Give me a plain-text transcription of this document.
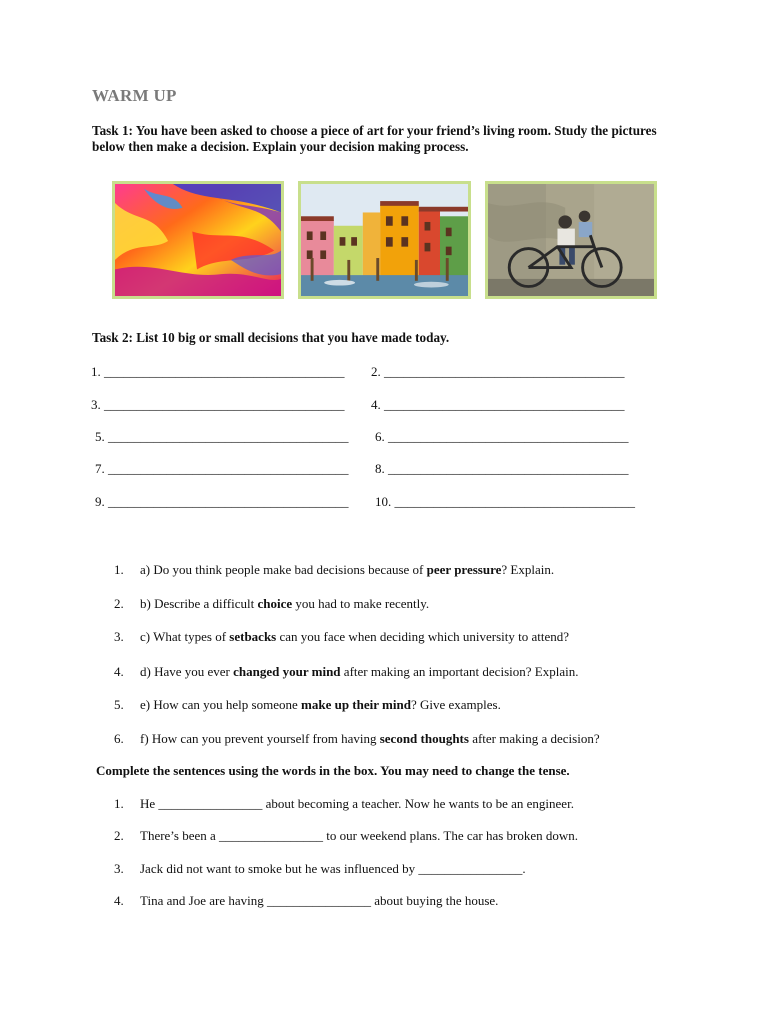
WARM UP
Task 1: You have been asked to choose a piece of art for your friend’s living room. Study the pictures below then make a decision. Explain your decision making process.
Task 2: List 10 big or small decisions that you have made today.
1. _____________________________________ 2. _____________________________________
3. _____________________________________ 4. _____________________________________
5. _____________________________________ 6. _____________________________________
7. _____________________________________ 8. _____________________________________
9. _____________________________________ 10. _____________________________________
1. a) Do you think people make bad decisions because of peer pressure? Explain.
2. b) Describe a difficult choice you had to make recently.
3. c) What types of setbacks can you face when deciding which university to attend?
4. d) Have you ever changed your mind after making an important decision? Explain.
5. e) How can you help someone make up their mind? Give examples.
6. f) How can you prevent yourself from having second thoughts after making a decision?
Complete the sentences using the words in the box. You may need to change the tense.
1. He ________________ about becoming a teacher. Now he wants to be an engineer.
2. There’s been a ________________ to our weekend plans. The car has broken down.
3. Jack did not want to smoke but he was influenced by ________________.
4. Tina and Joe are having ________________ about buying the house.
